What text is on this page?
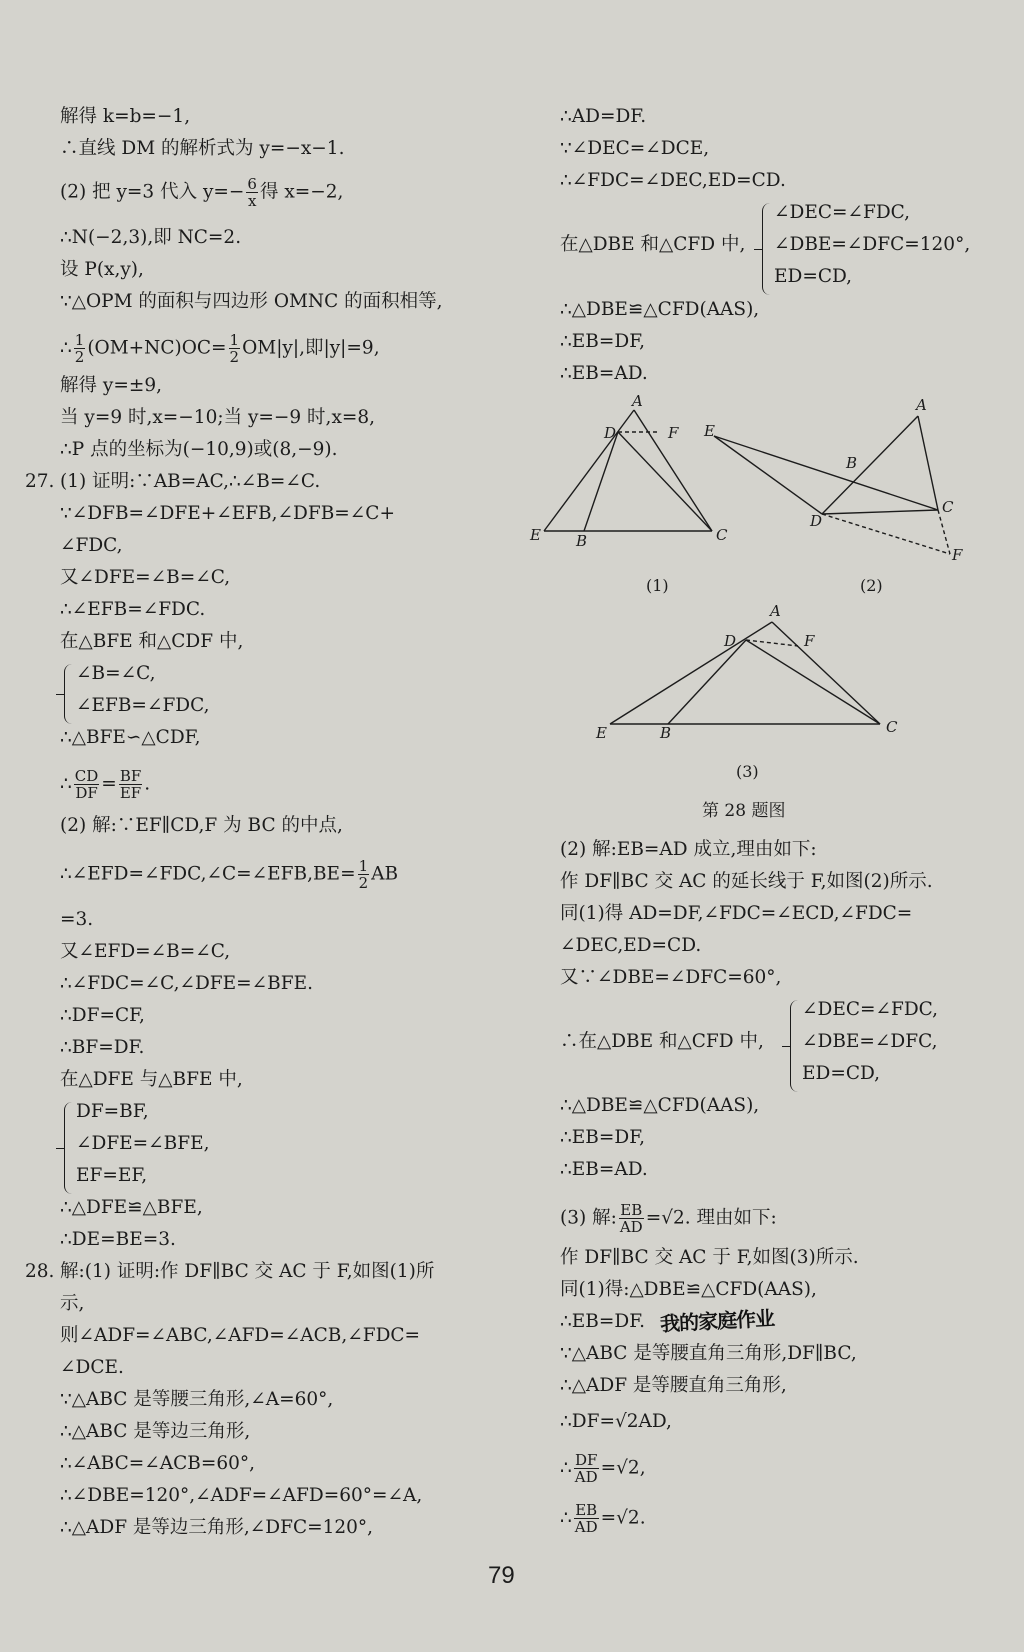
解得 k=b=−1,
∴直线 DM 的解析式为 y=−x−1.
(2) 把 y=3 代入 $y=- \frac{6}{x}$ 得 x=−2,
∴N(−2,3),即 NC=2.
设 P(x,y),
∵△OPM 的面积与四边形 OMNC 的面积相等,
∴ $\frac{1}{2} (OM+NC)OC= \frac{1}{2} OM|y|$,即|y|=9,
解得 y=±9,
当 y=9 时,x=−10;当 y=−9 时,x=8,
∴P 点的坐标为(−10,9)或(8,−9).
27. (1) 证明:∵AB=AC,∴∠B=∠C.
∵∠DFB=∠DFE+∠EFB,∠DFB=∠C+
∠FDC,
又∠DFE=∠B=∠C,
∴∠EFB=∠FDC.
在△BFE 和△CDF 中,
∠B=∠C,
∠EFB=∠FDC,
∴△BFE∽△CDF,
∴ $\frac{CD}{DF} = \frac{BF}{EF}$ .
(2) 解:∵EF∥CD,F 为 BC 的中点,
∴∠EFD=∠FDC,∠C=∠EFB,BE= $\frac{1}{2}$ AB
=3.
又∠EFD=∠B=∠C,
∴∠FDC=∠C,∠DFE=∠BFE.
∴DF=CF,
∴BF=DF.
在△DFE 与△BFE 中,
DF=BF,
∠DFE=∠BFE,
EF=EF,
∴△DFE≌△BFE,
∴DE=BE=3.
28. 解:(1) 证明:作 DF∥BC 交 AC 于 F,如图(1)所
示,
则∠ADF=∠ABC,∠AFD=∠ACB,∠FDC=
∠DCE.
∵△ABC 是等腰三角形,∠A=60°,
∴△ABC 是等边三角形,
∴∠ABC=∠ACB=60°,
∴∠DBE=120°,∠ADF=∠AFD=60°=∠A,
∴△ADF 是等边三角形,∠DFC=120°,
∴AD=DF.
∵∠DEC=∠DCE,
∴∠FDC=∠DEC,ED=CD.
在△DBE 和△CFD 中,
∠DEC=∠FDC,
∠DBE=∠DFC=120°,
ED=CD,
∴△DBE≌△CFD(AAS),
∴EB=DF,
∴EB=AD.
A
D	F
E B	C
(1)
A
E
B
D
C
F
(2)
A
D	F
E	B	C
(3)
第 28 题图
(2) 解:EB=AD 成立,理由如下:
作 DF∥BC 交 AC 的延长线于 F,如图(2)所示.
同(1)得 AD=DF,∠FDC=∠ECD,∠FDC=
∠DEC,ED=CD.
又∵∠DBE=∠DFC=60°,
∴在△DBE 和△CFD 中,
∠DEC=∠FDC,
∠DBE=∠DFC,
ED=CD,
∴△DBE≌△CFD(AAS),
∴EB=DF,
∴EB=AD.
(3) 解: $\frac{EB}{AD} =√2$. 理由如下:
作 DF∥BC 交 AC 于 F,如图(3)所示.
同(1)得:△DBE≌△CFD(AAS),
∴EB=DF.
∵△ABC 是等腰直角三角形,DF∥BC,
∴△ADF 是等腰直角三角形,
∴DF=√2AD,
∴ $\frac{DF}{AD} =√2$,
∴ $\frac{EB}{AD} =√2$.
我的家庭作业
79
